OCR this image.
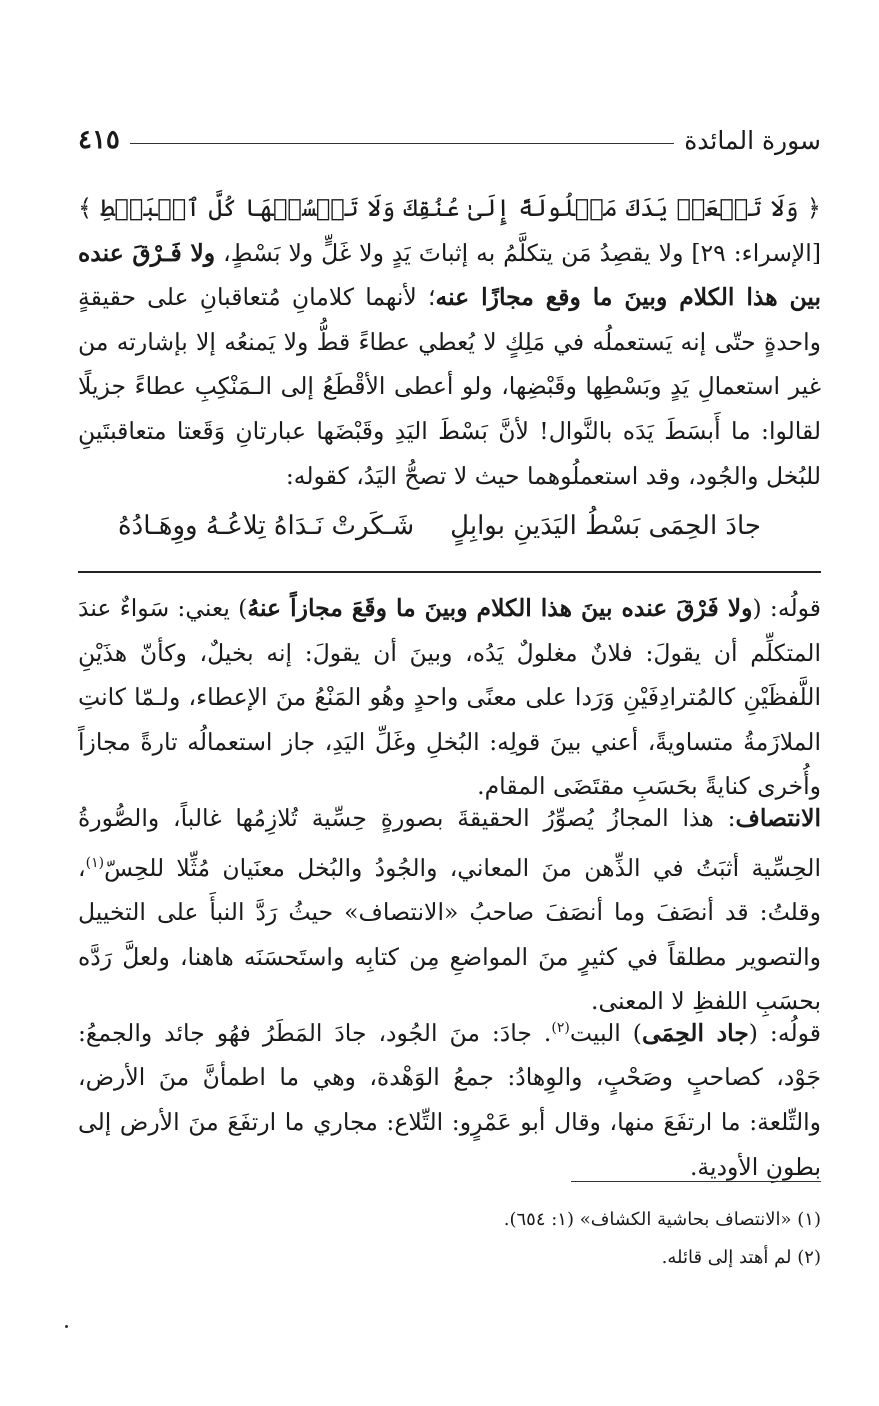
سورة المائدة
٤١٥

﴿ وَلَا تَجۡعَلۡ يَدَكَ مَغۡلُولَةً إِلَىٰ عُنُقِكَ وَلَا تَبۡسُطۡهَا كُلَّ ٱلۡبَسۡطِ ﴾ [الإسراء: ٢٩] ولا يقصِدُ مَن يتكلَّمُ به إثباتَ يَدٍ ولا غَلٍّ ولا بَسْطٍ، ولا فَـرْقَ عنده بين هذا الكلام وبينَ ما وقع مجازًا عنه؛ لأنهما كلامانِ مُتعاقبانِ على حقيقةٍ واحدةٍ حتّى إنه يَستعملُه في مَلِكٍ لا يُعطي عطاءً قطُّ ولا يَمنعُه إلا بإشارته من غير استعمالِ يَدٍ وبَسْطِها وقَبْضِها، ولو أعطى الأقْطَعُ إلى الـمَنْكِبِ عطاءً جزيلًا لقالوا: ما أَبسَطَ يَدَه بالنَّوال! لأنَّ بَسْطَ اليَدِ وقَبْضَها عبارتانِ وَقَعتا متعاقبتَينِ للبُخل والجُود، وقد استعملُوهما حيث لا تصحُّ اليَدُ، كقوله:

جادَ الحِمَى بَسْطُ اليَدَينِ بوابِلٍ
شَـكَرتْ نَـدَاهُ تِلاعُـهُ ووِهَـادُهُ

قولُه: (ولا فَرْقَ عنده بينَ هذا الكلام وبينَ ما وقَعَ مجازاً عنهُ) يعني: سَواءٌ عندَ المتكلِّم أن يقولَ: فلانٌ مغلولٌ يَدُه، وبينَ أن يقولَ: إنه بخيلٌ، وكأنّ هذَيْنِ اللَّفظَيْنِ كالمُترادِفَيْنِ وَرَدا على معنًى واحدٍ وهُو المَنْعُ منَ الإعطاء، ولـمّا كانتِ الملازَمةُ متساويةً، أعني بينَ قولِه: البُخلِ وغَلِّ اليَدِ، جاز استعمالُه تارةً مجازاً وأُخرى كنايةً بحَسَبِ مقتَضَى المقام.

الانتصاف: هذا المجازُ يُصوِّرُ الحقيقةَ بصورةٍ حِسِّية تُلازِمُها غالباً، والصُّورةُ الحِسِّية أثبَتُ في الذِّهن منَ المعاني، والجُودُ والبُخل معنَيان مُثِّلا للحِسّ$^{(١)}$، وقلتُ: قد أنصَفَ وما أنصَفَ صاحبُ «الانتصاف» حيثُ رَدَّ النبأَ على التخييل والتصوير مطلقاً في كثيرٍ منَ المواضعِ مِن كتابِه واستَحسَنَه هاهنا، ولعلَّ رَدَّه بحسَبِ اللفظِ لا المعنى.

قولُه: (جاد الحِمَى) البيت$^{(٢)}$. جادَ: منَ الجُود، جادَ المَطَرُ فهُو جائد والجمعُ: جَوْد، كصاحبٍ وصَحْبٍ، والوِهادُ: جمعُ الوَهْدة، وهي ما اطمأنَّ منَ الأرض، والتِّلعة: ما ارتفَعَ منها، وقال أبو عَمْرٍو: التِّلاع: مجاري ما ارتفَعَ منَ الأرض إلى بطونِ الأودية.

(١) «الانتصاف بحاشية الكشاف» (١: ٦٥٤).

(٢) لم أهتد إلى قائله.
